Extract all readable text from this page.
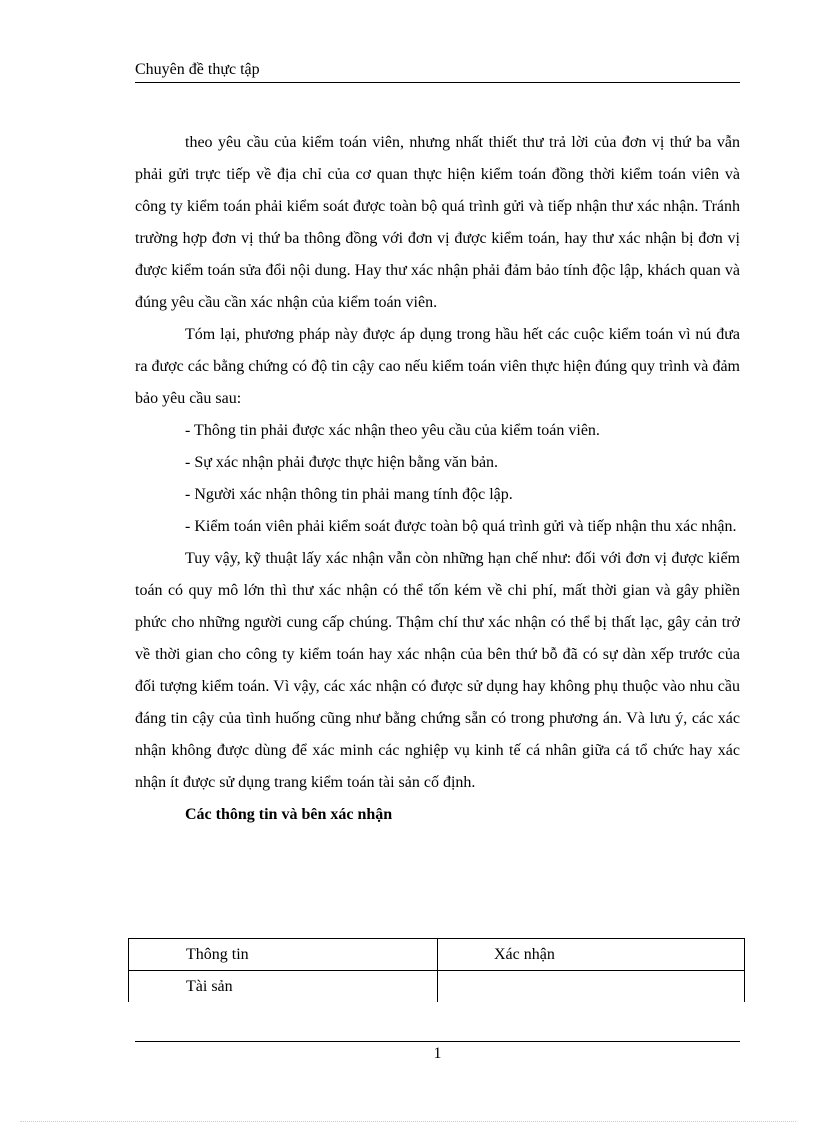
Chuyên đề thực tập

theo yêu cầu của kiểm toán viên, nhưng nhất thiết thư trả lời của đơn vị thứ ba vẫn phải gửi trực tiếp về địa chỉ của cơ quan thực hiện kiểm toán đồng thời kiểm toán viên và công ty kiểm toán phải kiểm soát được toàn bộ quá trình gửi và tiếp nhận thư xác nhận. Tránh trường hợp đơn vị thứ ba thông đồng với đơn vị được kiểm toán, hay thư xác nhận bị đơn vị được kiểm toán sửa đổi nội dung. Hay thư xác nhận phải đảm bảo tính độc lập, khách quan và đúng yêu cầu cần xác nhận của kiểm toán viên.

Tóm lại, phương pháp này được áp dụng trong hầu hết các cuộc kiểm toán vì nú đưa ra được các bằng chứng có độ tin cậy cao nếu kiểm toán viên thực hiện đúng quy trình và đảm bảo yêu cầu sau:

- Thông tin phải được xác nhận theo yêu cầu của kiểm toán viên.

- Sự xác nhận phải được thực hiện bằng văn bản.

- Người xác nhận thông tin phải mang tính độc lập.

- Kiểm toán viên phải kiểm soát được toàn bộ quá trình gửi và tiếp nhận thu xác nhận.

Tuy vậy, kỹ thuật lấy xác nhận vẫn còn những hạn chế như: đối với đơn vị được kiểm toán có quy mô lớn thì thư xác nhận có thể tốn kém về chi phí, mất thời gian và gây phiền phức cho những người cung cấp chúng. Thậm chí thư xác nhận có thể bị thất lạc, gây cản trở về thời gian cho công ty kiểm toán hay xác nhận của bên thứ bỗ đã có sự dàn xếp trước của đối tượng kiểm toán. Vì vậy, các xác nhận có được sử dụng hay không phụ thuộc vào nhu cầu đáng tin cậy của tình huống cũng như bằng chứng sẵn có trong phương án. Và lưu ý, các xác nhận không được dùng để xác minh các nghiệp vụ kinh tế cá nhân giữa cá tổ chức hay xác nhận ít được sử dụng trang kiểm toán tài sản cố định.

Các thông tin và bên xác nhận

Thông tin	Xác nhận
Tài sản	
1
